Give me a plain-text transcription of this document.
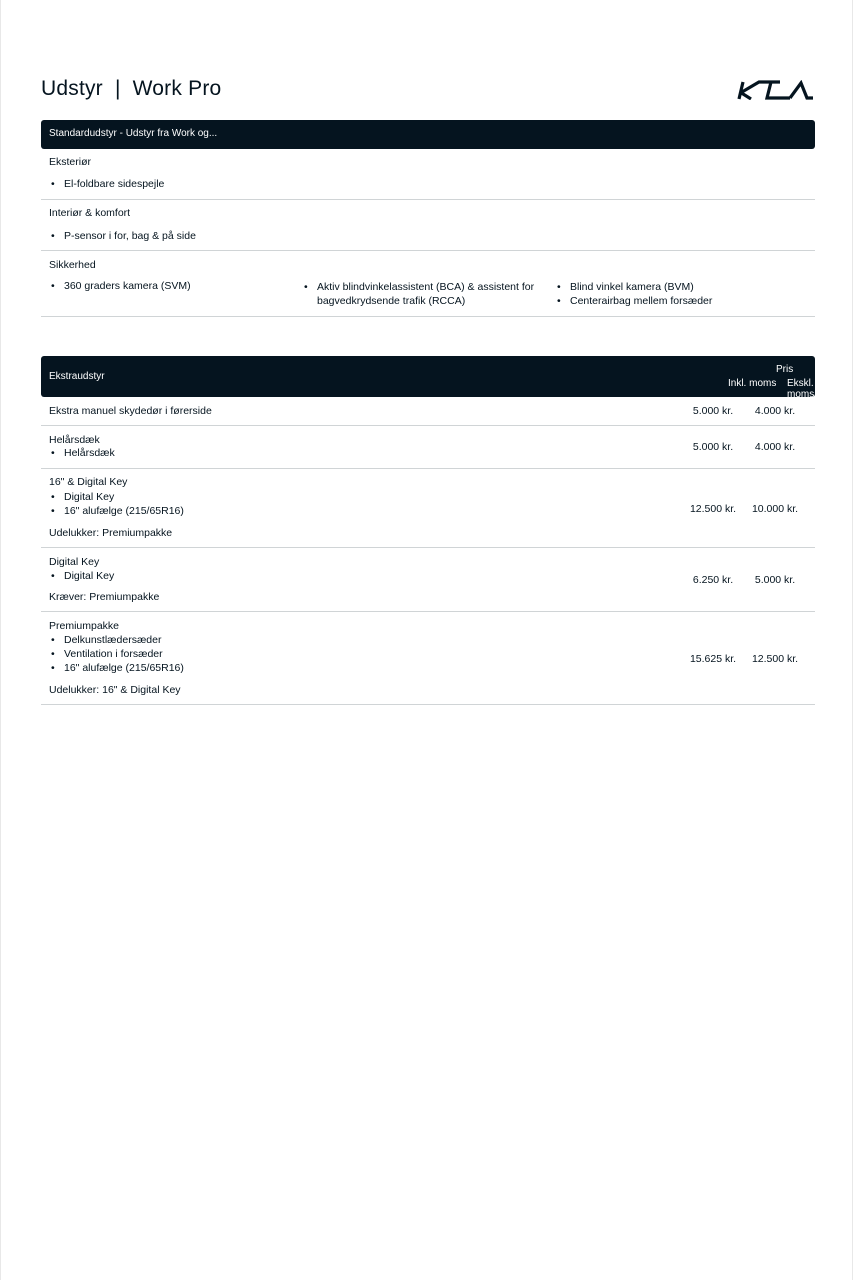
Udstyr  |  Work Pro
Standardudstyr - Udstyr fra Work og...
Eksteriør
• El-foldbare sidespejle
Interiør & komfort
• P-sensor i for, bag & på side
Sikkerhed
• 360 graders kamera (SVM)
•	Aktiv blindvinkelassistent (BCA) & assistent for
bagvedkrydsende trafik (RCCA)
• Blind vinkel kamera (BVM)
• Centerairbag mellem forsæder
Ekstraudstyr
Pris
Inkl. moms Ekskl. moms
Ekstra manuel skydedør i førerside	5.000 kr.	4.000 kr.
Helårsdæk
• Helårsdæk	5.000 kr.	4.000 kr.
16" & Digital Key
• Digital Key
• 16" alufælge (215/65R16)
Udelukker: Premiumpakke
12.500 kr.	10.000 kr.
Digital Key
• Digital Key
Kræver: Premiumpakke
6.250 kr.	5.000 kr.
Premiumpakke
• Delkunstlædersæder
• Ventilation i forsæder
• 16" alufælge (215/65R16)
Udelukker: 16" & Digital Key
15.625 kr.	12.500 kr.
